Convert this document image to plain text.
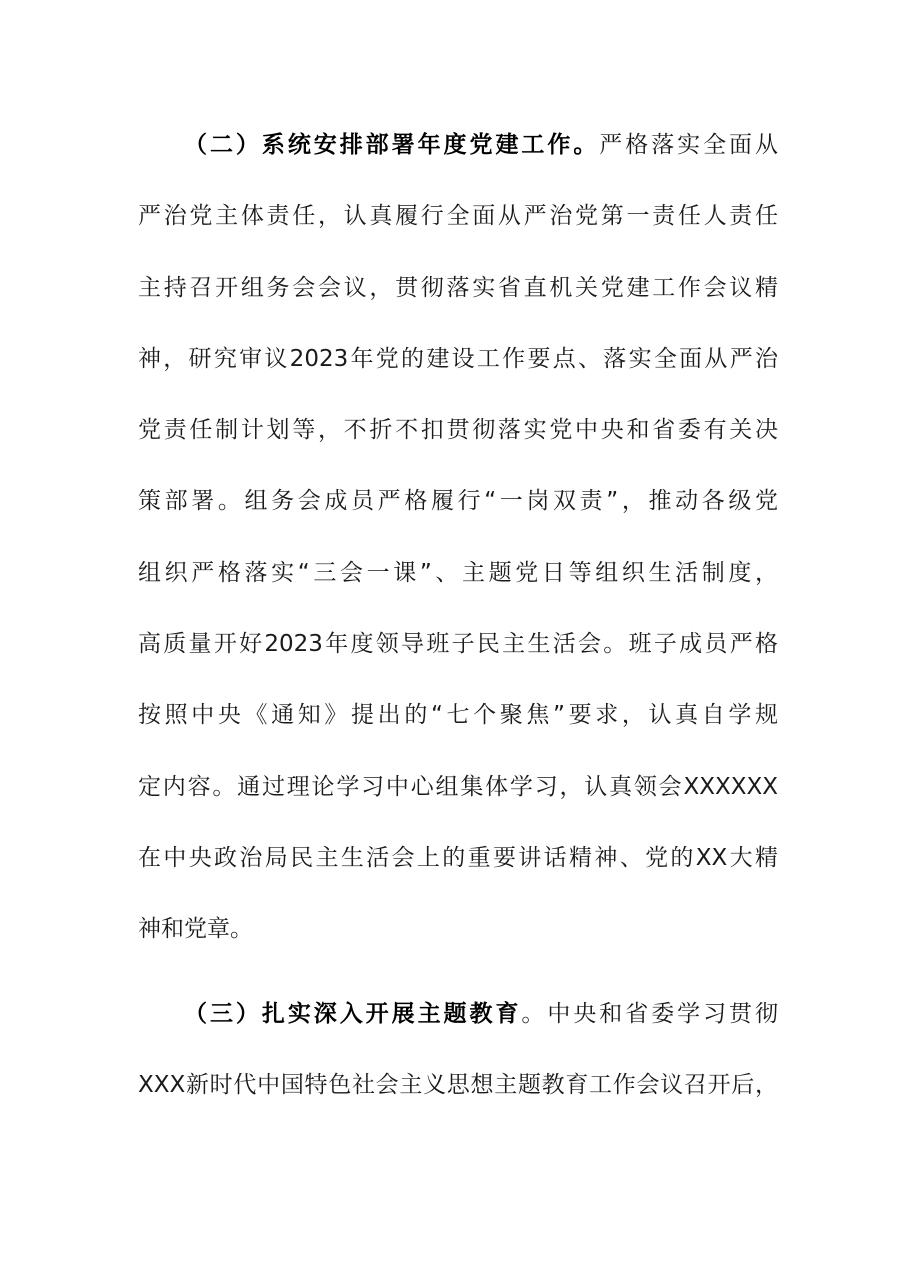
（二）系统安排部署年度党建工作。严格落实全面从
严治党主体责任，认真履行全面从严治党第一责任人责任
主持召开组务会会议，贯彻落实省直机关党建工作会议精
神，研究审议2023年党的建设工作要点、落实全面从严治
党责任制计划等，不折不扣贯彻落实党中央和省委有关决
策部署。组务会成员严格履行“一岗双责”，推动各级党
组织严格落实“三会一课”、主题党日等组织生活制度，
高质量开好2023年度领导班子民主生活会。班子成员严格
按照中央《通知》提出的“七个聚焦”要求，认真自学规
定内容。通过理论学习中心组集体学习，认真领会XXXXXX
在中央政治局民主生活会上的重要讲话精神、党的XX大精
神和党章。
（三）扎实深入开展主题教育。中央和省委学习贯彻
XXX新时代中国特色社会主义思想主题教育工作会议召开后，
